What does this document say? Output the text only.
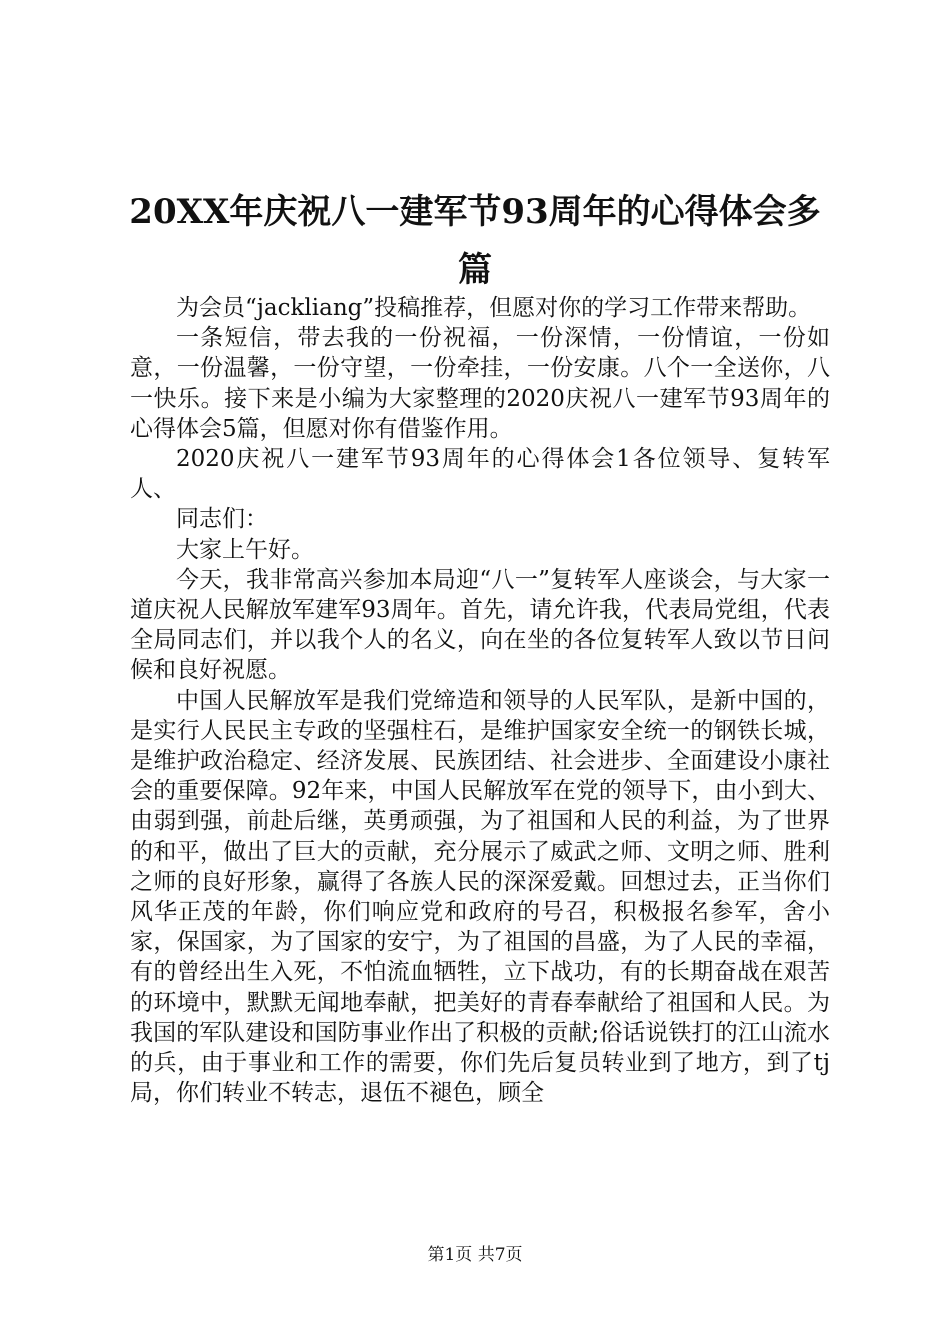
20XX年庆祝八一建军节93周年的心得体会多篇

为会员“jackliang”投稿推荐，但愿对你的学习工作带来帮助。

一条短信，带去我的一份祝福，一份深情，一份情谊，一份如意，一份温馨，一份守望，一份牵挂，一份安康。八个一全送你，八一快乐。接下来是小编为大家整理的2020庆祝八一建军节93周年的心得体会5篇，但愿对你有借鉴作用。

2020庆祝八一建军节93周年的心得体会1各位领导、复转军人、

同志们：

大家上午好。

今天，我非常高兴参加本局迎“八一”复转军人座谈会，与大家一道庆祝人民解放军建军93周年。首先，请允许我，代表局党组，代表全局同志们，并以我个人的名义，向在坐的各位复转军人致以节日问候和良好祝愿。

中国人民解放军是我们党缔造和领导的人民军队，是新中国的，是实行人民民主专政的坚强柱石，是维护国家安全统一的钢铁长城，是维护政治稳定、经济发展、民族团结、社会进步、全面建设小康社会的重要保障。92年来，中国人民解放军在党的领导下，由小到大、由弱到强，前赴后继，英勇顽强，为了祖国和人民的利益，为了世界的和平，做出了巨大的贡献，充分展示了威武之师、文明之师、胜利之师的良好形象，赢得了各族人民的深深爱戴。回想过去，正当你们风华正茂的年龄，你们响应党和政府的号召，积极报名参军，舍小家，保国家，为了国家的安宁，为了祖国的昌盛，为了人民的幸福，有的曾经出生入死，不怕流血牺牲，立下战功，有的长期奋战在艰苦的环境中，默默无闻地奉献，把美好的青春奉献给了祖国和人民。为我国的军队建设和国防事业作出了积极的贡献;俗话说铁打的江山流水的兵，由于事业和工作的需要，你们先后复员转业到了地方，到了tj局，你们转业不转志，退伍不褪色，顾全

第1页 共7页
